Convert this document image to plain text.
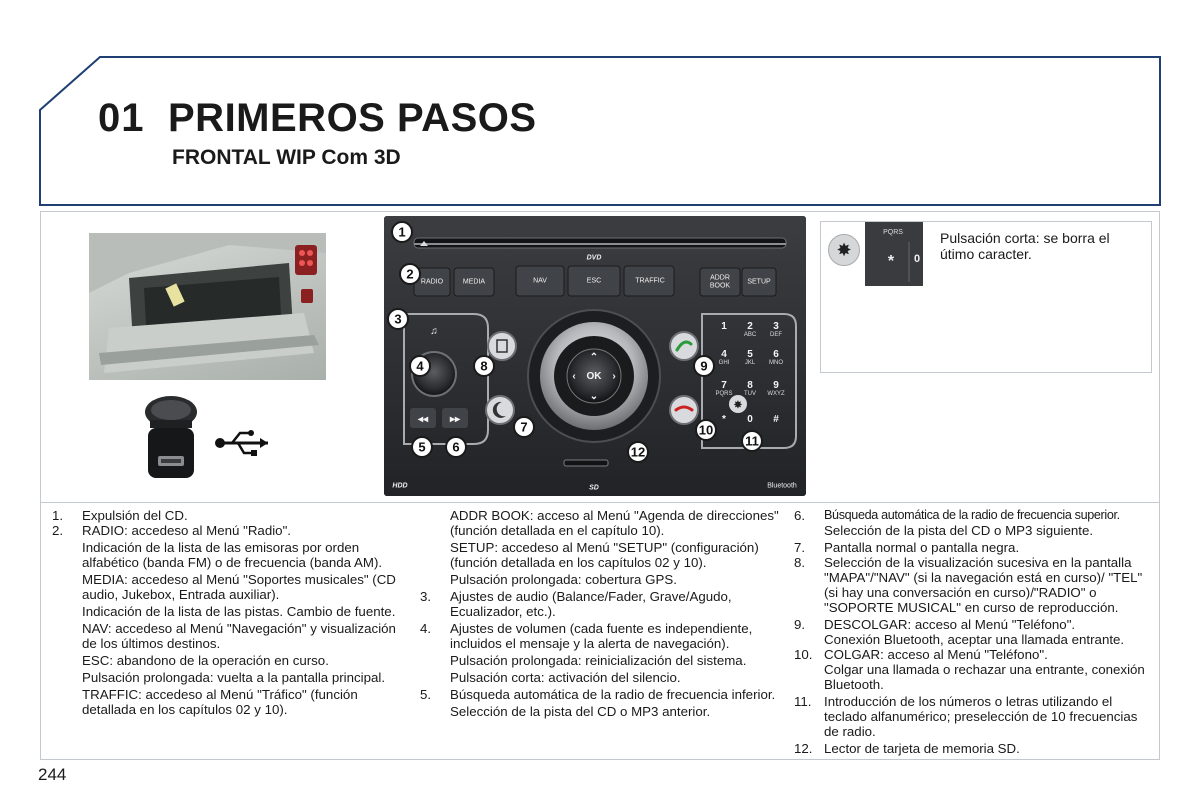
01 PRIMEROS PASOS
FRONTAL WIP Com 3D
DVD
RADIO	MEDIA	NAV	ESC	TRAFFIC	ADDR
BOOK
SETUP
♫
◂◂ ▸▸
OK
⌃
⌄
‹	›
1 2 3
ABC DEF
4 5 6
GHI	JKL MNO
7 8 9
PQRS TUV WXYZ
* 0 #
✸
SD
HDD	Bluetooth
1
2
3
4
5 6
7
8	9
10
11
12
✸
PQRS
* 0
Pulsación corta: se borra el útimo caracter.
1.	Expulsión del CD.
2.	RADIO: accedeso al Menú "Radio".
Indicación de la lista de las emisoras por orden alfabético (banda FM) o de frecuencia (banda AM).
MEDIA: accedeso al Menú "Soportes musicales" (CD audio, Jukebox, Entrada auxiliar).
Indicación de la lista de las pistas. Cambio de fuente.
NAV: accedeso al Menú "Navegación" y visualización de los últimos destinos.
ESC: abandono de la operación en curso.
Pulsación prolongada: vuelta a la pantalla principal.
TRAFFIC: accedeso al Menú "Tráfico" (función detallada en los capítulos 02 y 10).
ADDR BOOK: acceso al Menú "Agenda de direcciones" (función detallada en el capítulo 10).
SETUP: accedeso al Menú "SETUP" (configuración) (función detallada en los capítulos 02 y 10).
Pulsación prolongada: cobertura GPS.
3.	Ajustes de audio (Balance/Fader, Grave/Agudo, Ecualizador, etc.).
4.	Ajustes de volumen (cada fuente es independiente, incluidos el mensaje y la alerta de navegación).
Pulsación prolongada: reinicialización del sistema.
Pulsación corta: activación del silencio.
5.	Búsqueda automática de la radio de frecuencia inferior.
Selección de la pista del CD o MP3 anterior.
6.	Búsqueda automática de la radio de frecuencia superior.
Selección de la pista del CD o MP3 siguiente.
7.	Pantalla normal o pantalla negra.
8.	Selección de la visualización sucesiva en la pantalla "MAPA"/"NAV" (si la navegación está en curso)/ "TEL" (si hay una conversación en curso)/"RADIO" o "SOPORTE MUSICAL" en curso de reproducción.
9.	DESCOLGAR: acceso al Menú "Teléfono".
Conexión Bluetooth, aceptar una llamada entrante.
10. COLGAR: acceso al Menú "Teléfono".
Colgar una llamada o rechazar una entrante, conexión Bluetooth.
11. Introducción de los números o letras utilizando el teclado alfanumérico; preselección de 10 frecuencias de radio.
12. Lector de tarjeta de memoria SD.
244
